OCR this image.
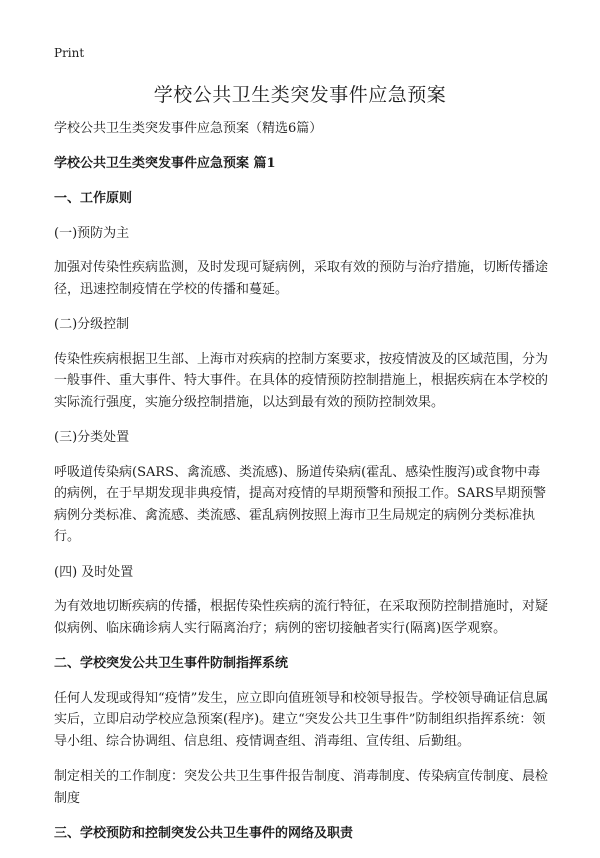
Print
学校公共卫生类突发事件应急预案

学校公共卫生类突发事件应急预案（精选6篇）

学校公共卫生类突发事件应急预案 篇1

一、工作原则

(一)预防为主

加强对传染性疾病监测，及时发现可疑病例，采取有效的预防与治疗措施，切断传播途径，迅速控制疫情在学校的传播和蔓延。

(二)分级控制

传染性疾病根据卫生部、上海市对疾病的控制方案要求，按疫情波及的区域范围，分为一般事件、重大事件、特大事件。在具体的疫情预防控制措施上，根据疾病在本学校的实际流行强度，实施分级控制措施，以达到最有效的预防控制效果。

(三)分类处置

呼吸道传染病(SARS、禽流感、类流感)、肠道传染病(霍乱、感染性腹泻)或食物中毒的病例，在于早期发现非典疫情，提高对疫情的早期预警和预报工作。SARS早期预警病例分类标准、禽流感、类流感、霍乱病例按照上海市卫生局规定的病例分类标准执行。

(四) 及时处置

为有效地切断疾病的传播，根据传染性疾病的流行特征，在采取预防控制措施时，对疑似病例、临床确诊病人实行隔离治疗；病例的密切接触者实行(隔离)医学观察。

二、学校突发公共卫生事件防制指挥系统

任何人发现或得知“疫情”发生，应立即向值班领导和校领导报告。学校领导确证信息属实后，立即启动学校应急预案(程序)。建立“突发公共卫生事件”防制组织指挥系统：领导小组、综合协调组、信息组、疫情调查组、消毒组、宣传组、后勤组。

制定相关的工作制度：突发公共卫生事件报告制度、消毒制度、传染病宣传制度、晨检制度

三、学校预防和控制突发公共卫生事件的网络及职责
